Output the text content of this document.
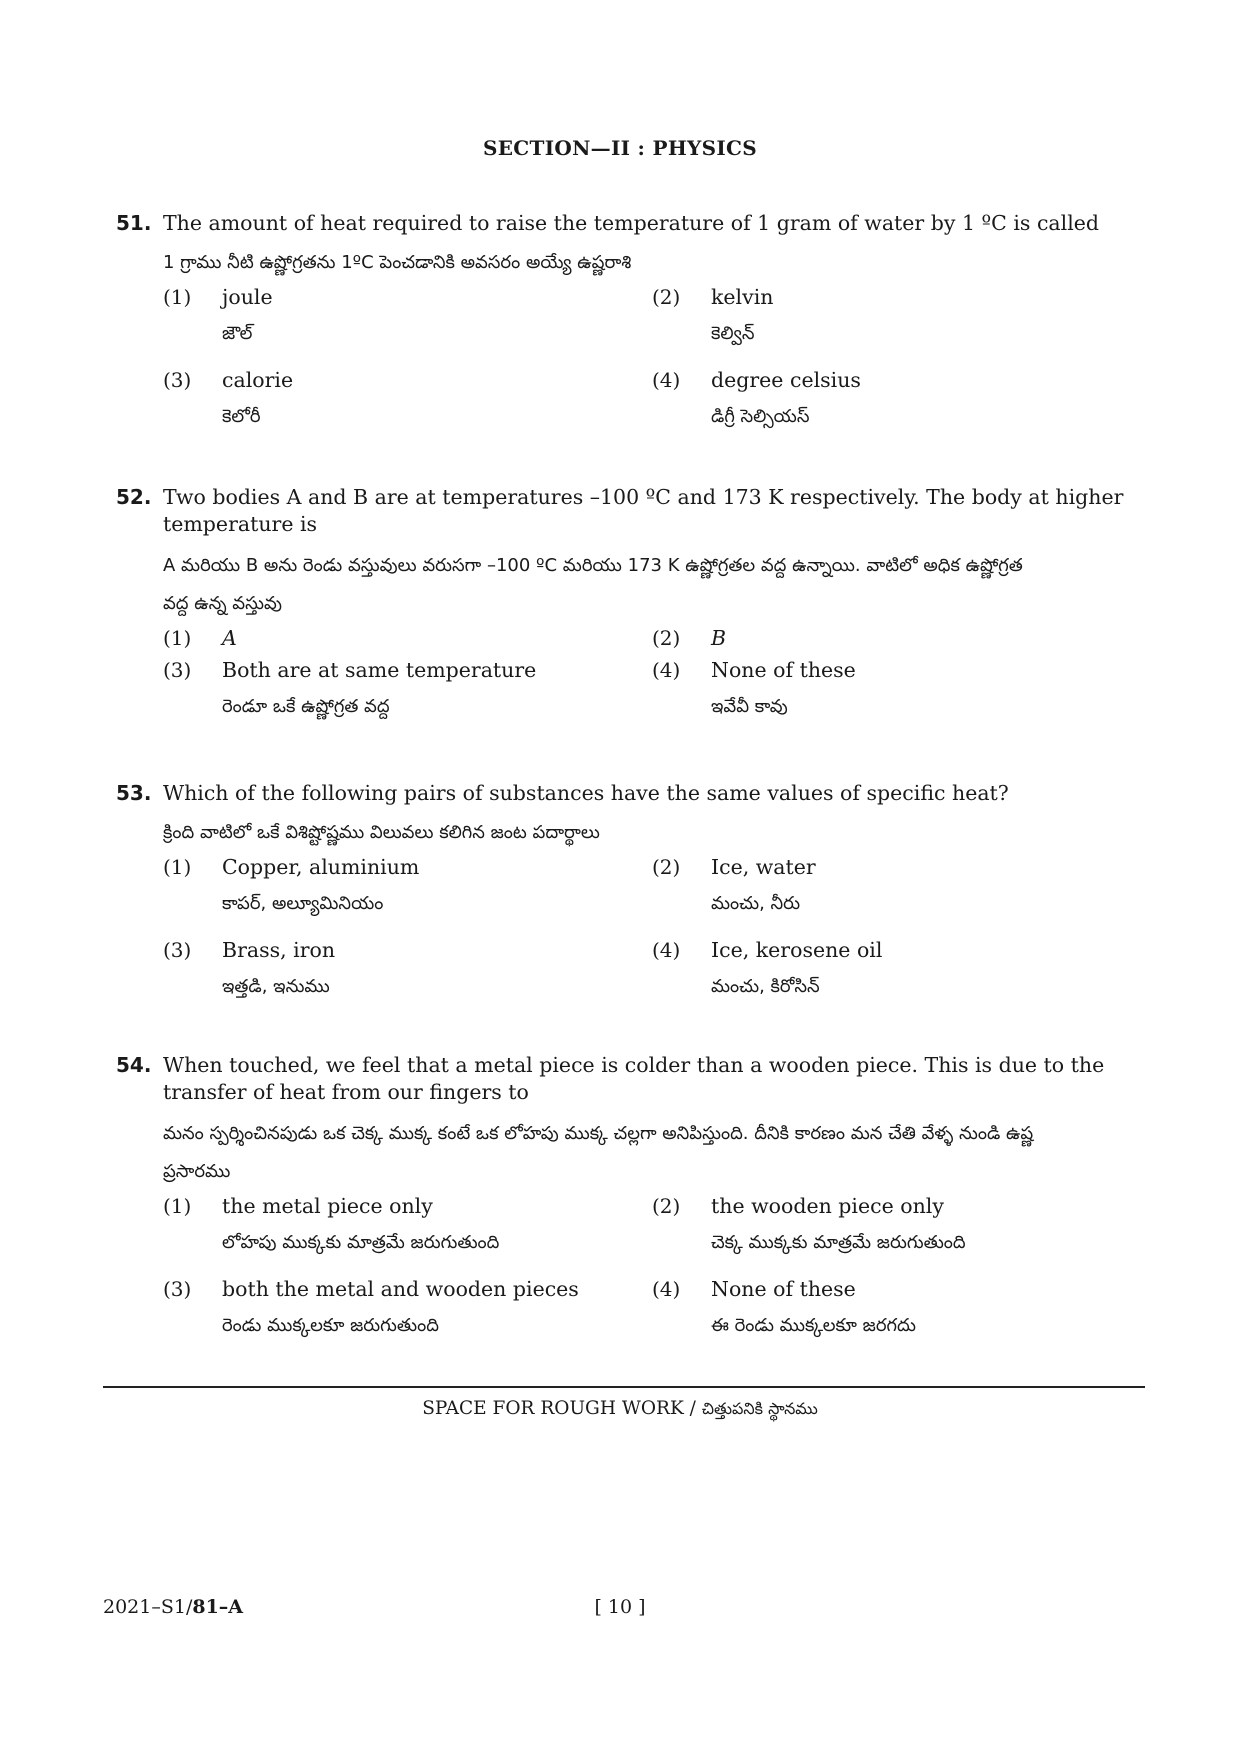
SECTION—II : PHYSICS
51. The amount of heat required to raise the temperature of 1 gram of water by 1 ºC is called
1 గ్రాము నీటి ఉష్ణోగ్రతను 1ºC పెంచడానికి అవసరం అయ్యే ఉష్ణరాశి
(1) joule
జౌల్
(2) kelvin
కెల్విన్
(3) calorie
కెలోరీ
(4) degree celsius
డిగ్రీ సెల్సియస్
52. Two bodies A and B are at temperatures –100 ºC and 173 K respectively. The body at higher
temperature is
A మరియు B అను రెండు వస్తువులు వరుసగా –100 ºC మరియు 173 K ఉష్ణోగ్రతల వద్ద ఉన్నాయి. వాటిలో అధిక ఉష్ణోగ్రత
వద్ద ఉన్న వస్తువు
(1) A	(2) B
(3) Both are at same temperature
రెండూ ఒకే ఉష్ణోగ్రత వద్ద
(4) None of these
ఇవేవీ కావు
53. Which of the following pairs of substances have the same values of specific heat?
క్రింది వాటిలో ఒకే విశిష్టోష్ణము విలువలు కలిగిన జంట పదార్థాలు
(1) Copper, aluminium
కాపర్, అల్యూమినియం
(2) Ice, water
మంచు, నీరు
(3) Brass, iron
ఇత్తడి, ఇనుము
(4) Ice, kerosene oil
మంచు, కిరోసిన్
54. When touched, we feel that a metal piece is colder than a wooden piece. This is due to the
transfer of heat from our fingers to
మనం స్పర్శించినపుడు ఒక చెక్క ముక్క కంటే ఒక లోహపు ముక్క చల్లగా అనిపిస్తుంది. దీనికి కారణం మన చేతి వేళ్ళ నుండి ఉష్ణ
ప్రసారము
(1) the metal piece only
లోహపు ముక్కకు మాత్రమే జరుగుతుంది
(2) the wooden piece only
చెక్క ముక్కకు మాత్రమే జరుగుతుంది
(3) both the metal and wooden pieces
రెండు ముక్కలకూ జరుగుతుంది
(4) None of these
ఈ రెండు ముక్కలకూ జరగదు
SPACE FOR ROUGH WORK / చిత్తుపనికి స్థానము
2021–S1/81–A	[ 10 ]
